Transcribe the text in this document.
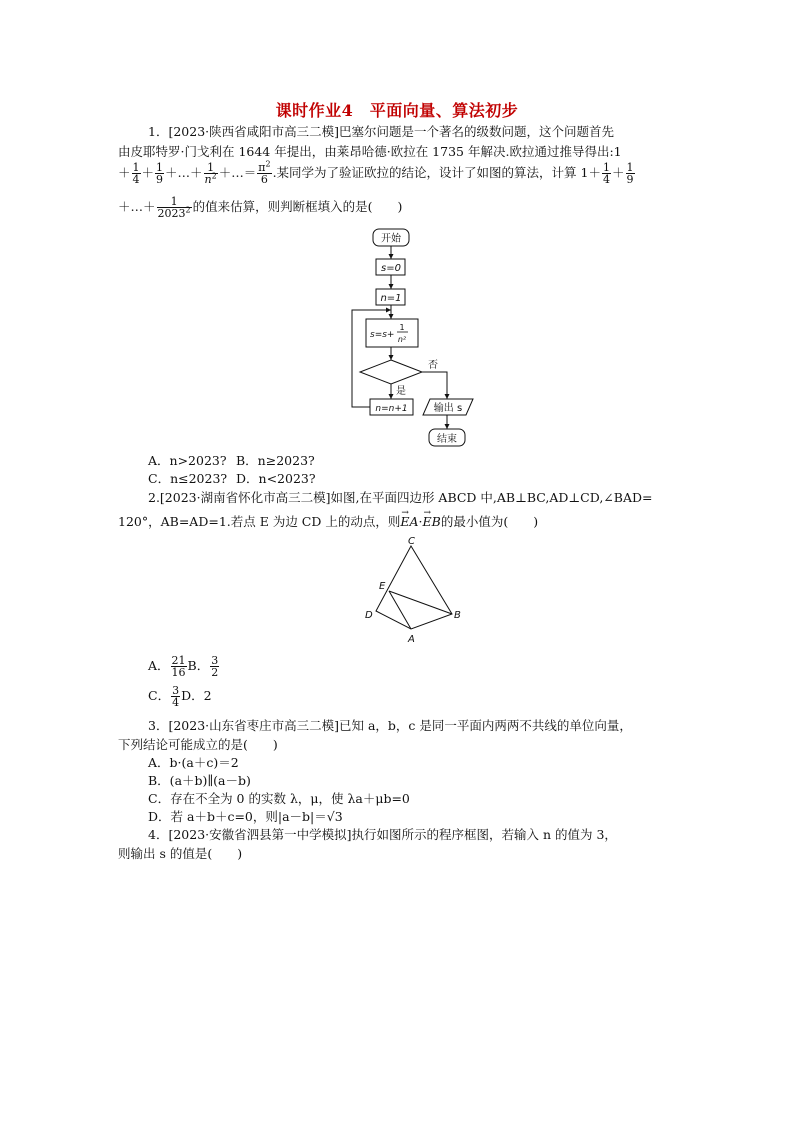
课时作业4　平面向量、算法初步
1．[2023·陕西省咸阳市高三二模]巴塞尔问题是一个著名的级数问题，这个问题首先
由皮耶特罗·门戈利在 1644 年提出，由莱昂哈德·欧拉在 1735 年解决.欧拉通过推导得出:1
＋ $\frac{1}{4} + \frac{1}{9}$ ＋…＋ $\frac{1}{n^2}$ ＋…＝ $\frac{\pi^2}{6}$ .某同学为了验证欧拉的结论，设计了如图的算法，计算 $1+ \frac{1}{4} + \frac{1}{9}$
＋…＋ $\frac{1}{2023^2}$ 的值来估算，则判断框填入的是(　　)
开始
s=0
n=1
s=s+
1
n²
否
是
n=n+1	输出 s
结束
A．n>2023? B．n≥2023?
C．n≤2023? D．n<2023?
2.[2023·湖南省怀化市高三二模]如图,在平面四边形 ABCD 中,AB⊥BC,AD⊥CD,∠BAD=
120°，AB=AD=1.若点 E 为边 CD 上的动点，则→ EA·→ EB的最小值为(　　)
C
E
D	B
A
A． $\frac{21}{16}$ B． $\frac{3}{2}$
C． $\frac{3}{4}$ D．2
3．[2023·山东省枣庄市高三二模]已知 a，b，c 是同一平面内两两不共线的单位向量，
下列结论可能成立的是(　　)
A．b·(a＋c)＝2
B．(a＋b)∥(a－b)
C．存在不全为 0 的实数 λ，μ，使 λa＋μb=0
D．若 a＋b＋c=0，则|a－b|＝√3
4．[2023·安徽省泗县第一中学模拟]执行如图所示的程序框图，若输入 n 的值为 3，
则输出 s 的值是(　　)
